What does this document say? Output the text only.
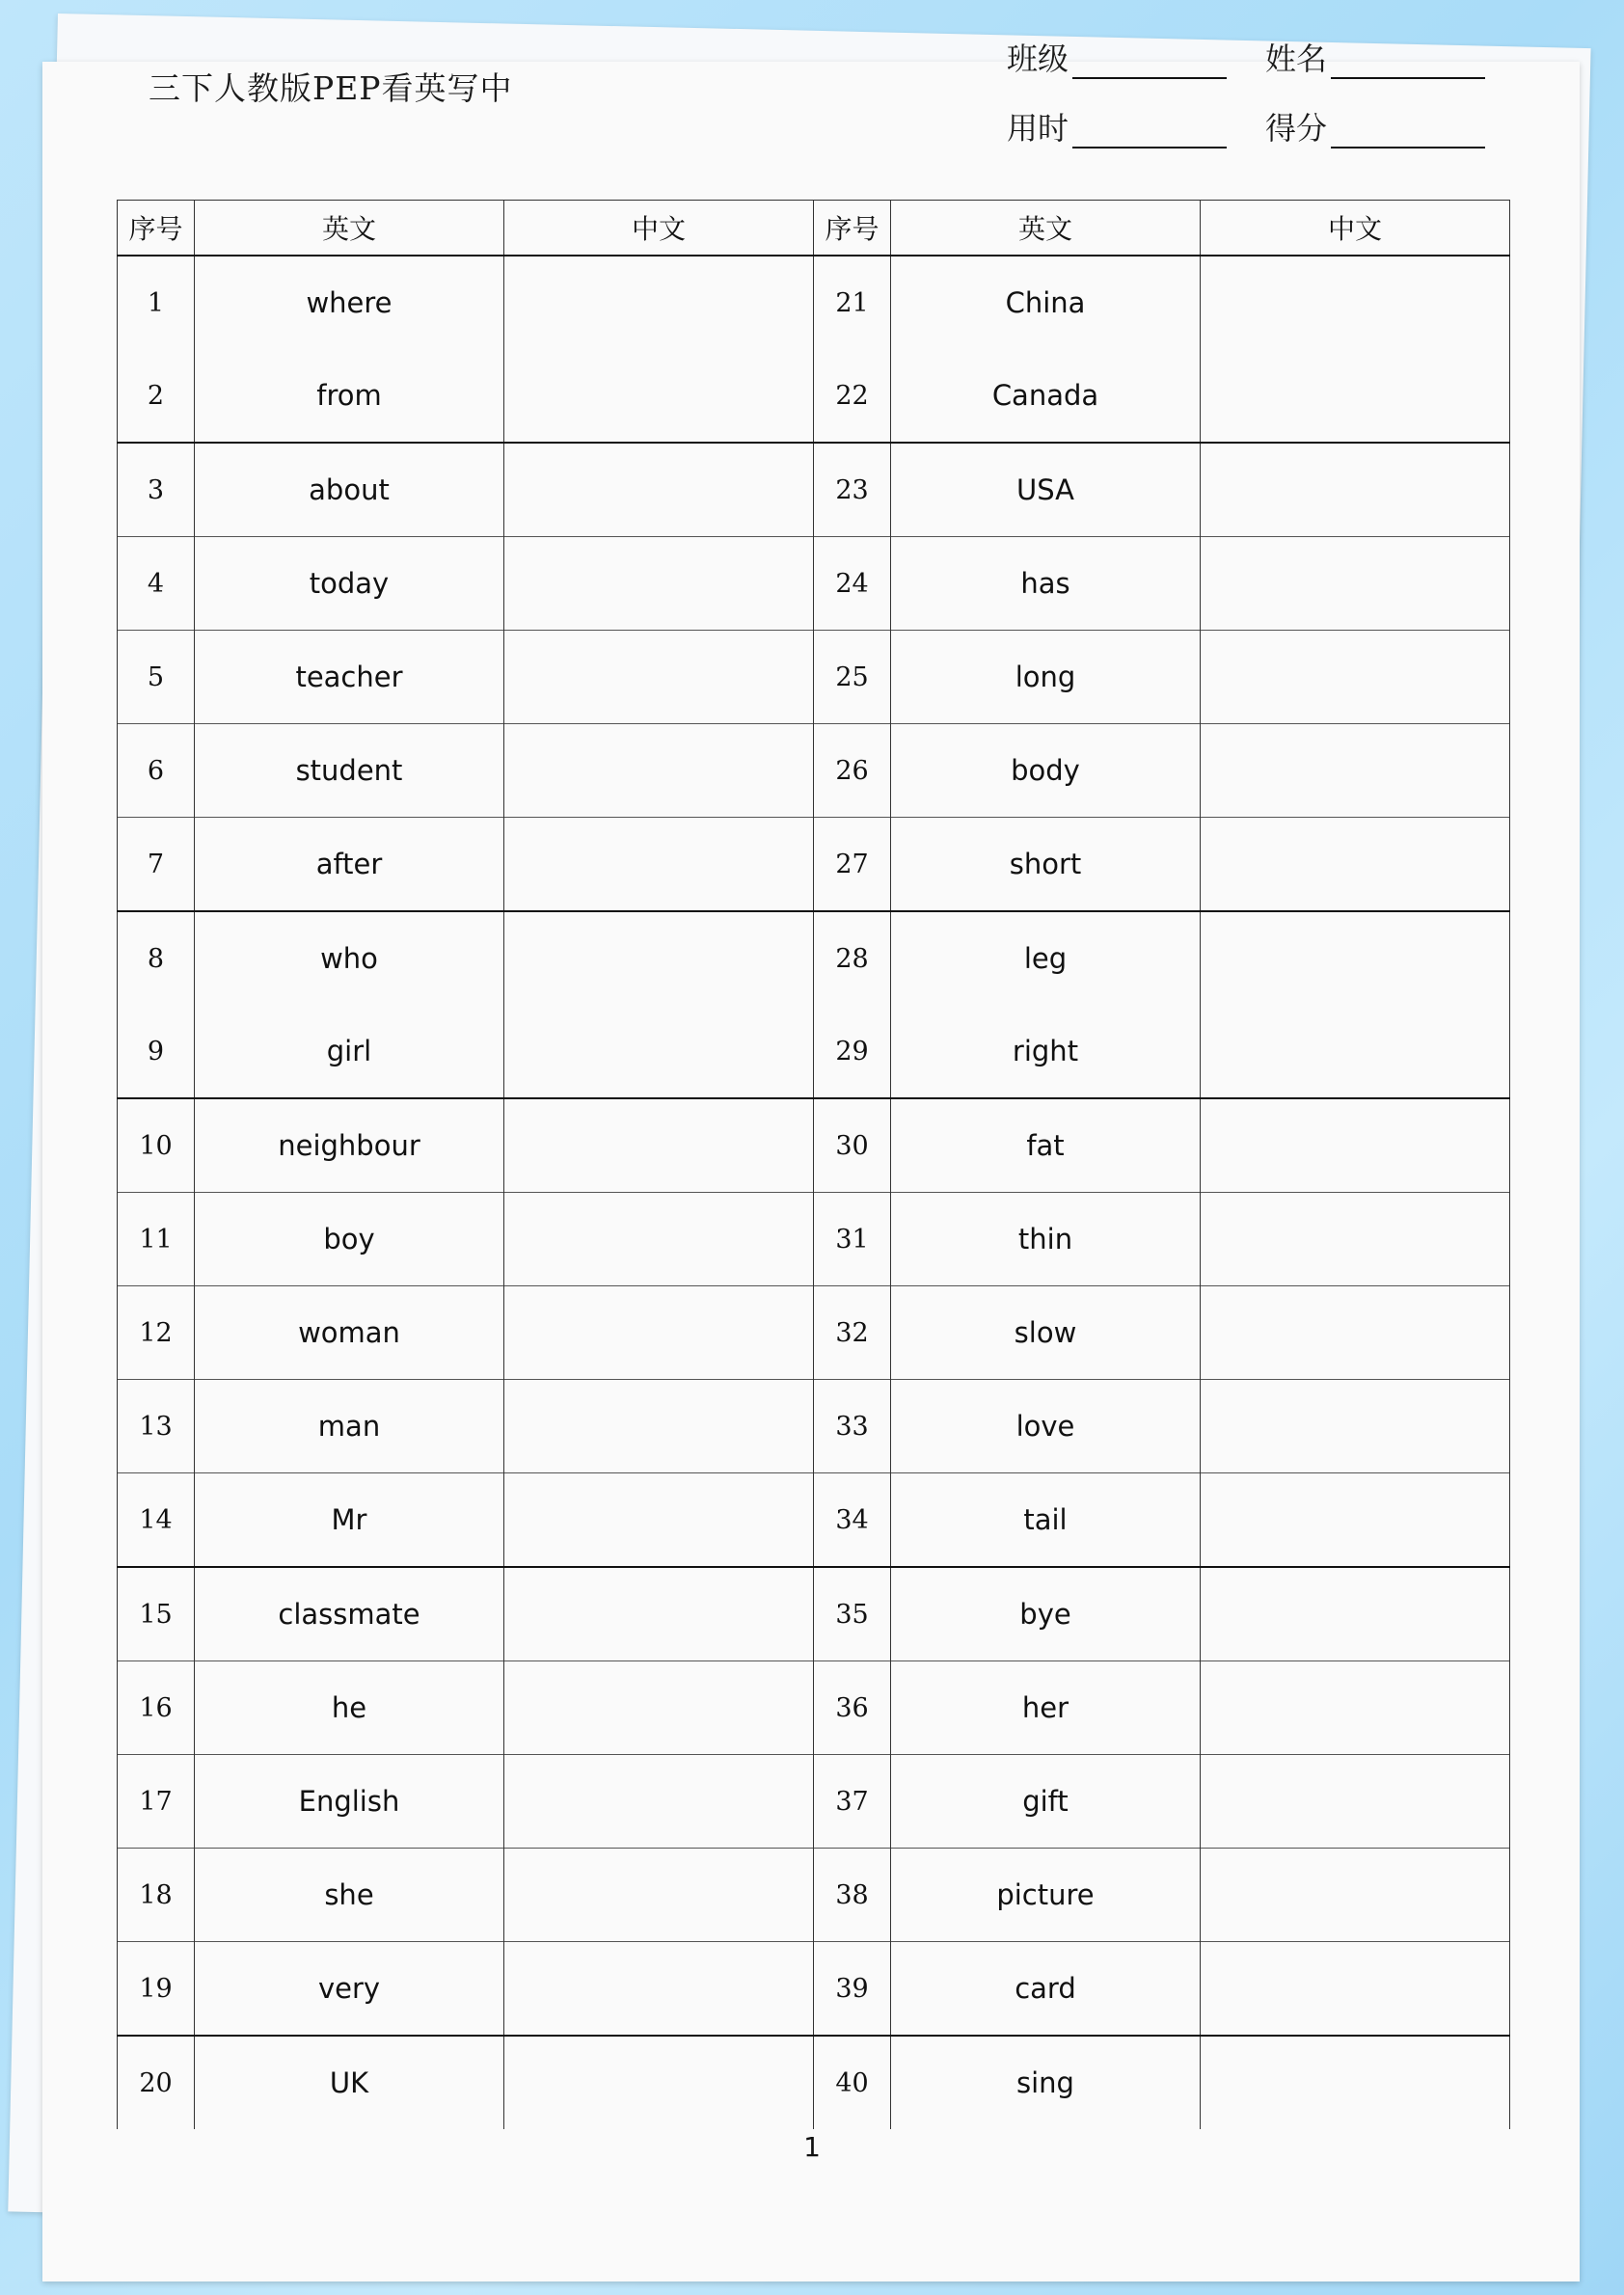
三下人教版PEP看英写中
班级	姓名
用时	得分
序号	英文	中文	序号	英文	中文
1	where		21	China	
2	from		22	Canada	
3	about		23	USA	
4	today		24	has	
5	teacher		25	long	
6	student		26	body	
7	after		27	short	
8	who		28	leg	
9	girl		29	right	
10	neighbour		30	fat	
11	boy		31	thin	
12	woman		32	slow	
13	man		33	love	
14	Mr		34	tail	
15	classmate		35	bye	
16	he		36	her	
17	English		37	gift	
18	she		38	picture	
19	very		39	card	
20	UK		40	sing	
1
